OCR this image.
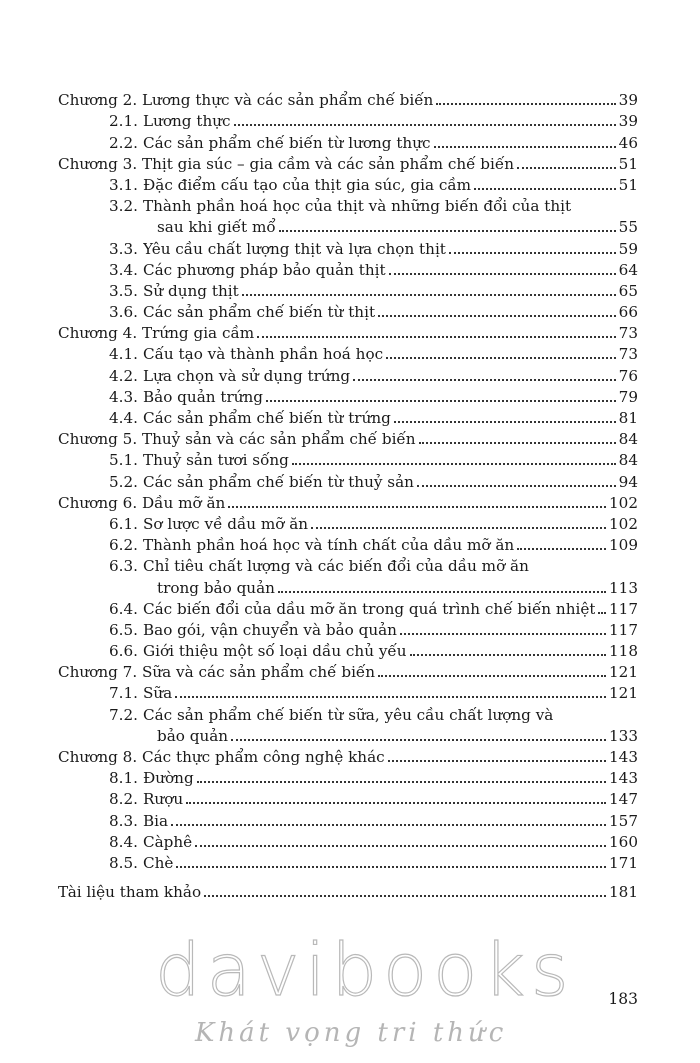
Chương 2. Lương thực và các sản phẩm chế biến	39
2.1. Lương thực	39
2.2. Các sản phẩm chế biến từ lương thực	46
Chương 3. Thịt gia súc – gia cầm và các sản phẩm chế biến	51
3.1. Đặc điểm cấu tạo của thịt gia súc, gia cầm	51
3.2. Thành phần hoá học của thịt và những biến đổi của thịt
sau khi giết mổ	55
3.3. Yêu cầu chất lượng thịt và lựa chọn thịt	59
3.4. Các phương pháp bảo quản thịt	64
3.5. Sử dụng thịt	65
3.6. Các sản phẩm chế biến từ thịt	66
Chương 4. Trứng gia cầm	73
4.1. Cấu tạo và thành phần hoá học	73
4.2. Lựa chọn và sử dụng trứng	76
4.3. Bảo quản trứng	79
4.4. Các sản phẩm chế biến từ trứng	81
Chương 5. Thuỷ sản và các sản phẩm chế biến	84
5.1. Thuỷ sản tươi sống	84
5.2. Các sản phẩm chế biến từ thuỷ sản	94
Chương 6. Dầu mỡ ăn	102
6.1. Sơ lược về dầu mỡ ăn	102
6.2. Thành phần hoá học và tính chất của dầu mỡ ăn	109
6.3. Chỉ tiêu chất lượng và các biến đổi của dầu mỡ ăn
trong bảo quản	113
6.4. Các biến đổi của dầu mỡ ăn trong quá trình chế biến nhiệt 117
6.5. Bao gói, vận chuyển và bảo quản	117
6.6. Giới thiệu một số loại dầu chủ yếu	118
Chương 7. Sữa và các sản phẩm chế biến	121
7.1. Sữa	121
7.2. Các sản phẩm chế biến từ sữa, yêu cầu chất lượng và
bảo quản	133
Chương 8. Các thực phẩm công nghệ khác	143
8.1. Đường	143
8.2. Rượu	147
8.3. Bia	157
8.4. Càphê	160
8.5. Chè	171
Tài liệu tham khảo	181
davibooks
Khát vọng tri thức
183
